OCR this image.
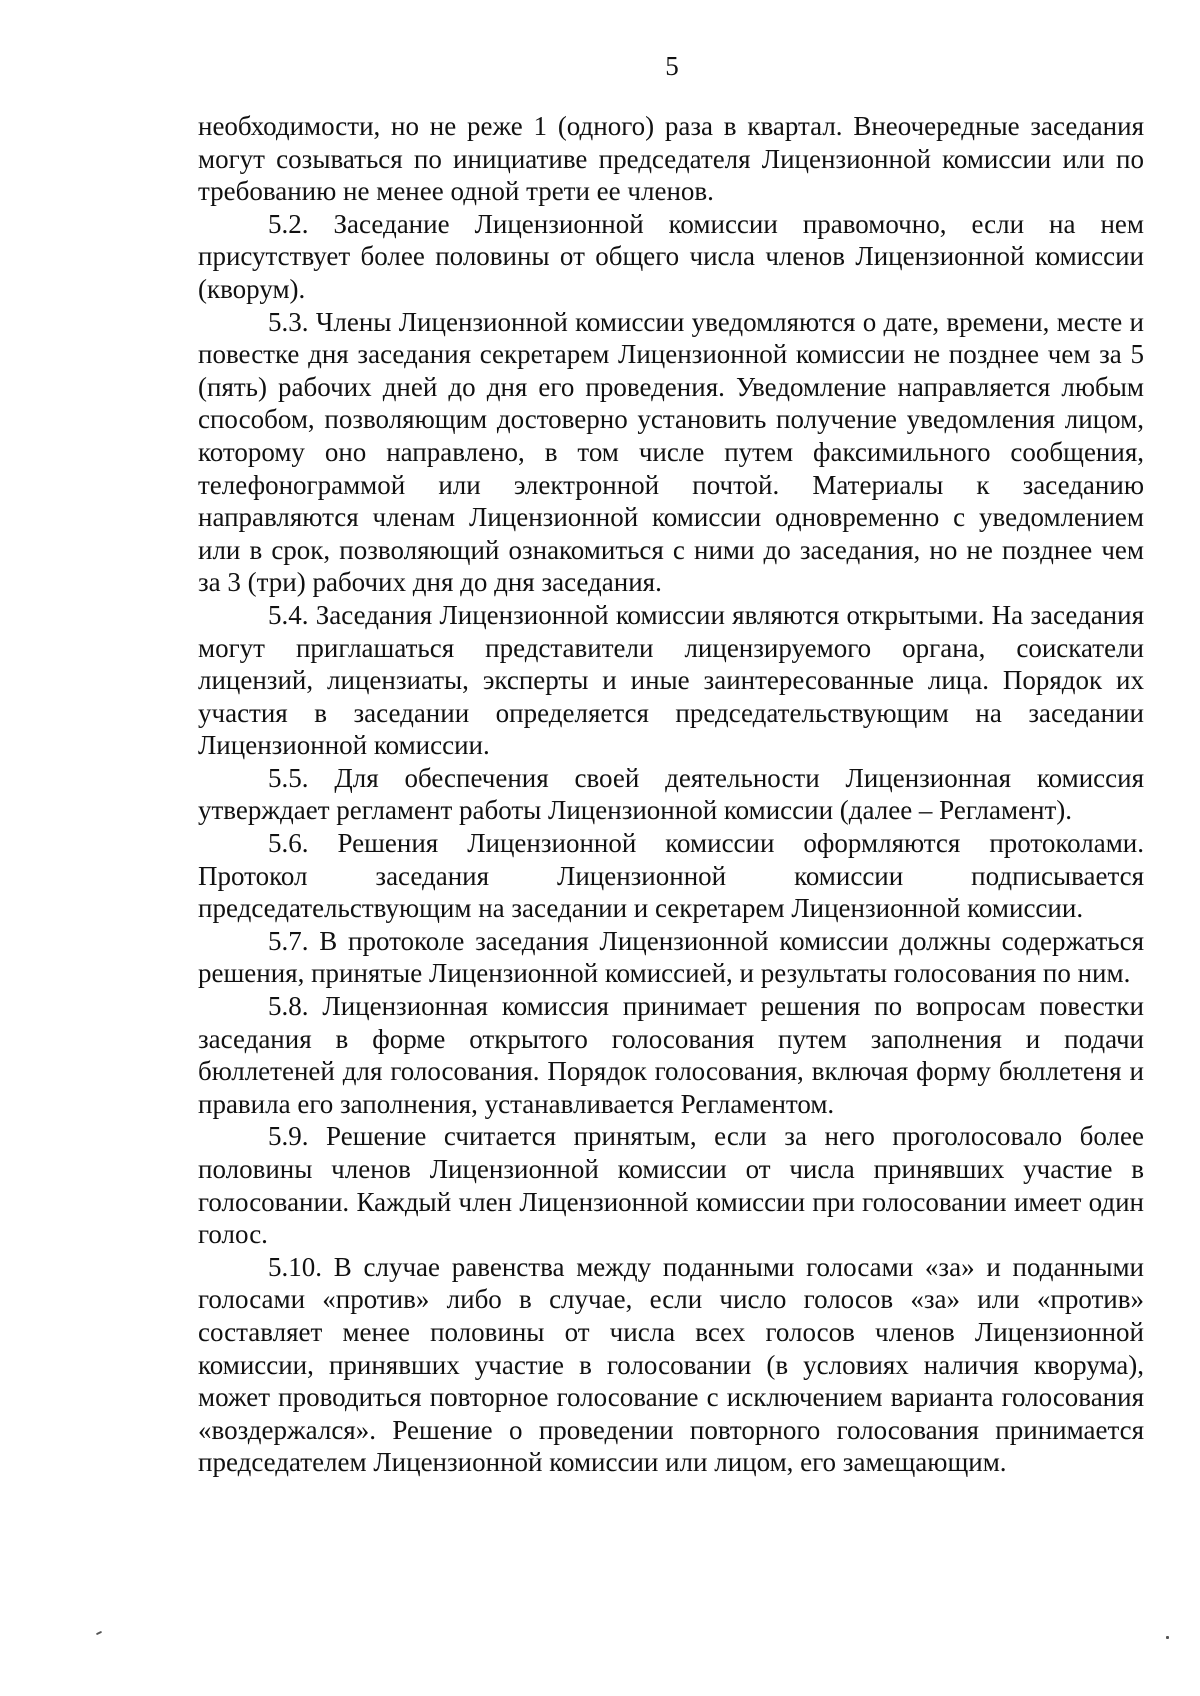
5

необходимости, но не реже 1 (одного) раза в квартал. Внеочередные заседания могут созываться по инициативе председателя Лицензионной комиссии или по требованию не менее одной трети ее членов.

5.2. Заседание Лицензионной комиссии правомочно, если на нем присутствует более половины от общего числа членов Лицензионной комиссии (кворум).

5.3. Члены Лицензионной комиссии уведомляются о дате, времени, месте и повестке дня заседания секретарем Лицензионной комиссии не позднее чем за 5 (пять) рабочих дней до дня его проведения. Уведомление направляется любым способом, позволяющим достоверно установить получение уведомления лицом, которому оно направлено, в том числе путем факсимильного сообщения, телефонограммой или электронной почтой. Материалы к заседанию направляются членам Лицензионной комиссии одновременно с уведомлением или в срок, позволяющий ознакомиться с ними до заседания, но не позднее чем за 3 (три) рабочих дня до дня заседания.

5.4. Заседания Лицензионной комиссии являются открытыми. На заседания могут приглашаться представители лицензируемого органа, соискатели лицензий, лицензиаты, эксперты и иные заинтересованные лица. Порядок их участия в заседании определяется председательствующим на заседании Лицензионной комиссии.

5.5. Для обеспечения своей деятельности Лицензионная комиссия утверждает регламент работы Лицензионной комиссии (далее – Регламент).

5.6. Решения Лицензионной комиссии оформляются протоколами. Протокол заседания Лицензионной комиссии подписывается председательствующим на заседании и секретарем Лицензионной комиссии.

5.7. В протоколе заседания Лицензионной комиссии должны содержаться решения, принятые Лицензионной комиссией, и результаты голосования по ним.

5.8. Лицензионная комиссия принимает решения по вопросам повестки заседания в форме открытого голосования путем заполнения и подачи бюллетеней для голосования. Порядок голосования, включая форму бюллетеня и правила его заполнения, устанавливается Регламентом.

5.9. Решение считается принятым, если за него проголосовало более половины членов Лицензионной комиссии от числа принявших участие в голосовании. Каждый член Лицензионной комиссии при голосовании имеет один голос.

5.10. В случае равенства между поданными голосами «за» и поданными голосами «против» либо в случае, если число голосов «за» или «против» составляет менее половины от числа всех голосов членов Лицензионной комиссии, принявших участие в голосовании (в условиях наличия кворума), может проводиться повторное голосование с исключением варианта голосования «воздержался». Решение о проведении повторного голосования принимается председателем Лицензионной комиссии или лицом, его замещающим.
